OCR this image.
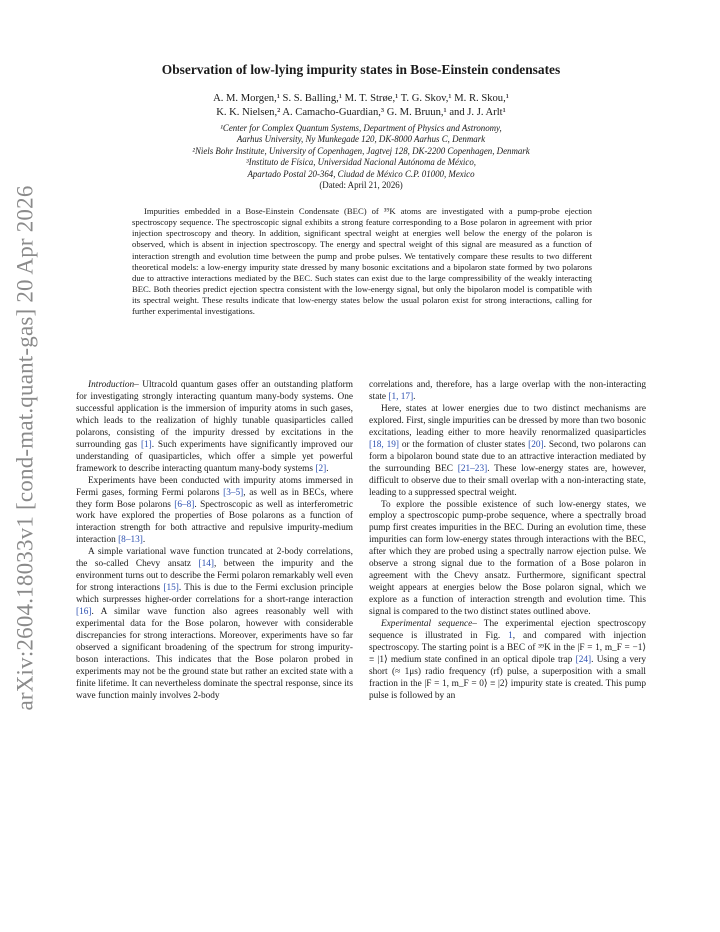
arXiv:2604.18033v1 [cond-mat.quant-gas] 20 Apr 2026
Observation of low-lying impurity states in Bose-Einstein condensates
A. M. Morgen,¹ S. S. Balling,¹ M. T. Strøe,¹ T. G. Skov,¹ M. R. Skou,¹
K. K. Nielsen,² A. Camacho-Guardian,³ G. M. Bruun,¹ and J. J. Arlt¹
¹Center for Complex Quantum Systems, Department of Physics and Astronomy,
Aarhus University, Ny Munkegade 120, DK-8000 Aarhus C, Denmark
²Niels Bohr Institute, University of Copenhagen, Jagtvej 128, DK-2200 Copenhagen, Denmark
³Instituto de Física, Universidad Nacional Autónoma de México,
Apartado Postal 20-364, Ciudad de México C.P. 01000, Mexico
(Dated: April 21, 2026)
Impurities embedded in a Bose-Einstein Condensate (BEC) of ³⁹K atoms are investigated with a pump-probe ejection spectroscopy sequence. The spectroscopic signal exhibits a strong feature corresponding to a Bose polaron in agreement with prior injection spectroscopy and theory. In addition, significant spectral weight at energies well below the energy of the polaron is observed, which is absent in injection spectroscopy. The energy and spectral weight of this signal are measured as a function of interaction strength and evolution time between the pump and probe pulses. We tentatively compare these results to two different theoretical models: a low-energy impurity state dressed by many bosonic excitations and a bipolaron state formed by two polarons due to attractive interactions mediated by the BEC. Such states can exist due to the large compressibility of the weakly interacting BEC. Both theories predict ejection spectra consistent with the low-energy signal, but only the bipolaron model is compatible with its spectral weight. These results indicate that low-energy states below the usual polaron exist for strong interactions, calling for further experimental investigations.

Introduction– Ultracold quantum gases offer an outstanding platform for investigating strongly interacting quantum many-body systems. One successful application is the immersion of impurity atoms in such gases, which leads to the realization of highly tunable quasiparticles called polarons, consisting of the impurity dressed by excitations in the surrounding gas [1]. Such experiments have significantly improved our understanding of quasiparticles, which offer a simple yet powerful framework to describe interacting quantum many-body systems [2].

Experiments have been conducted with impurity atoms immersed in Fermi gases, forming Fermi polarons [3–5], as well as in BECs, where they form Bose polarons [6–8]. Spectroscopic as well as interferometric work have explored the properties of Bose polarons as a function of interaction strength for both attractive and repulsive impurity-medium interaction [8–13].

A simple variational wave function truncated at 2-body correlations, the so-called Chevy ansatz [14], between the impurity and the environment turns out to describe the Fermi polaron remarkably well even for strong interactions [15]. This is due to the Fermi exclusion principle which surpresses higher-order correlations for a short-range interaction [16]. A similar wave function also agrees reasonably well with experimental data for the Bose polaron, however with considerable discrepancies for strong interactions. Moreover, experiments have so far observed a significant broadening of the spectrum for strong impurity-boson interactions. This indicates that the Bose polaron probed in experiments may not be the ground state but rather an excited state with a finite lifetime. It can nevertheless dominate the spectral response, since its wave function mainly involves 2-body

correlations and, therefore, has a large overlap with the non-interacting state [1, 17].

Here, states at lower energies due to two distinct mechanisms are explored. First, single impurities can be dressed by more than two bosonic excitations, leading either to more heavily renormalized quasiparticles [18, 19] or the formation of cluster states [20]. Second, two polarons can form a bipolaron bound state due to an attractive interaction mediated by the surrounding BEC [21–23]. These low-energy states are, however, difficult to observe due to their small overlap with a non-interacting state, leading to a suppressed spectral weight.

To explore the possible existence of such low-energy states, we employ a spectroscopic pump-probe sequence, where a spectrally broad pump first creates impurities in the BEC. During an evolution time, these impurities can form low-energy states through interactions with the BEC, after which they are probed using a spectrally narrow ejection pulse. We observe a strong signal due to the formation of a Bose polaron in agreement with the Chevy ansatz. Furthermore, significant spectral weight appears at energies below the Bose polaron signal, which we explore as a function of interaction strength and evolution time. This signal is compared to the two distinct states outlined above.

Experimental sequence– The experimental ejection spectroscopy sequence is illustrated in Fig. 1, and compared with injection spectroscopy. The starting point is a BEC of ³⁹K in the |F = 1, m_F = −1⟩ ≡ |1⟩ medium state confined in an optical dipole trap [24]. Using a very short (≈ 1μs) radio frequency (rf) pulse, a superposition with a small fraction in the |F = 1, m_F = 0⟩ ≡ |2⟩ impurity state is created. This pump pulse is followed by an
